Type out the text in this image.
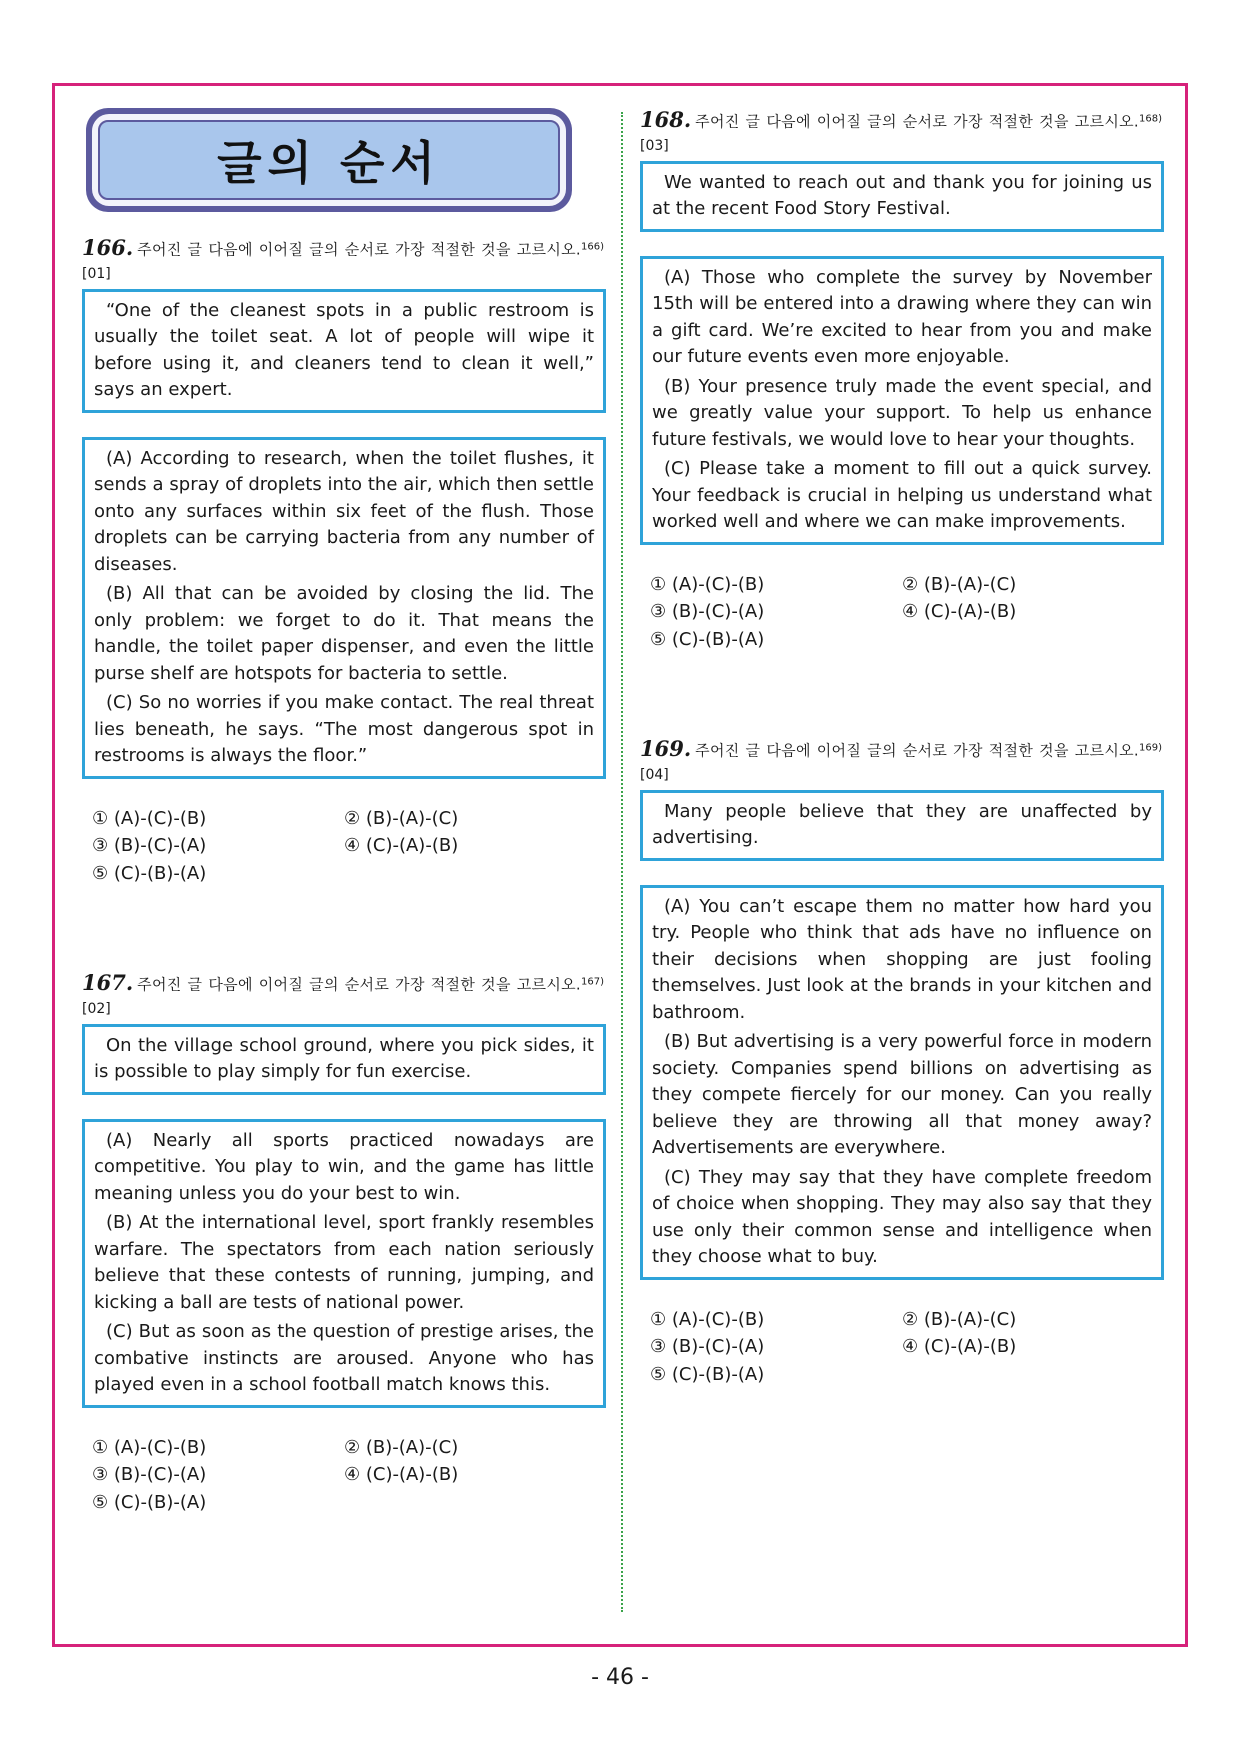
글의 순서
166. 주어진 글 다음에 이어질 글의 순서로 가장 적절한 것을 고르시오.$^{166)}$[01]

“One of the cleanest spots in a public restroom is usually the toilet seat. A lot of people will wipe it before using it, and cleaners tend to clean it well,” says an expert.

(A) According to research, when the toilet flushes, it sends a spray of droplets into the air, which then settle onto any surfaces within six feet of the flush. Those droplets can be carrying bacteria from any number of diseases.

(B) All that can be avoided by closing the lid. The only problem: we forget to do it. That means the handle, the toilet paper dispenser, and even the little purse shelf are hotspots for bacteria to settle.

(C) So no worries if you make contact. The real threat lies beneath, he says. “The most dangerous spot in restrooms is always the floor.”

① (A)-(C)-(B)	② (B)-(A)-(C)
③ (B)-(C)-(A)	④ (C)-(A)-(B)
⑤ (C)-(B)-(A)
167. 주어진 글 다음에 이어질 글의 순서로 가장 적절한 것을 고르시오.$^{167)}$[02]

On the village school ground, where you pick sides, it is possible to play simply for fun exercise.

(A) Nearly all sports practiced nowadays are competitive. You play to win, and the game has little meaning unless you do your best to win.

(B) At the international level, sport frankly resembles warfare. The spectators from each nation seriously believe that these contests of running, jumping, and kicking a ball are tests of national power.

(C) But as soon as the question of prestige arises, the combative instincts are aroused. Anyone who has played even in a school football match knows this.

① (A)-(C)-(B)	② (B)-(A)-(C)
③ (B)-(C)-(A)	④ (C)-(A)-(B)
⑤ (C)-(B)-(A)
168. 주어진 글 다음에 이어질 글의 순서로 가장 적절한 것을 고르시오.$^{168)}$[03]

We wanted to reach out and thank you for joining us at the recent Food Story Festival.

(A) Those who complete the survey by November 15th will be entered into a drawing where they can win a gift card. We’re excited to hear from you and make our future events even more enjoyable.

(B) Your presence truly made the event special, and we greatly value your support. To help us enhance future festivals, we would love to hear your thoughts.

(C) Please take a moment to fill out a quick survey. Your feedback is crucial in helping us understand what worked well and where we can make improvements.

① (A)-(C)-(B)	② (B)-(A)-(C)
③ (B)-(C)-(A)	④ (C)-(A)-(B)
⑤ (C)-(B)-(A)
169. 주어진 글 다음에 이어질 글의 순서로 가장 적절한 것을 고르시오.$^{169)}$[04]

Many people believe that they are unaffected by advertising.

(A) You can’t escape them no matter how hard you try. People who think that ads have no influence on their decisions when shopping are just fooling themselves. Just look at the brands in your kitchen and bathroom.

(B) But advertising is a very powerful force in modern society. Companies spend billions on advertising as they compete fiercely for our money. Can you really believe they are throwing all that money away? Advertisements are everywhere.

(C) They may say that they have complete freedom of choice when shopping. They may also say that they use only their common sense and intelligence when they choose what to buy.

① (A)-(C)-(B)	② (B)-(A)-(C)
③ (B)-(C)-(A)	④ (C)-(A)-(B)
⑤ (C)-(B)-(A)
- 46 -
